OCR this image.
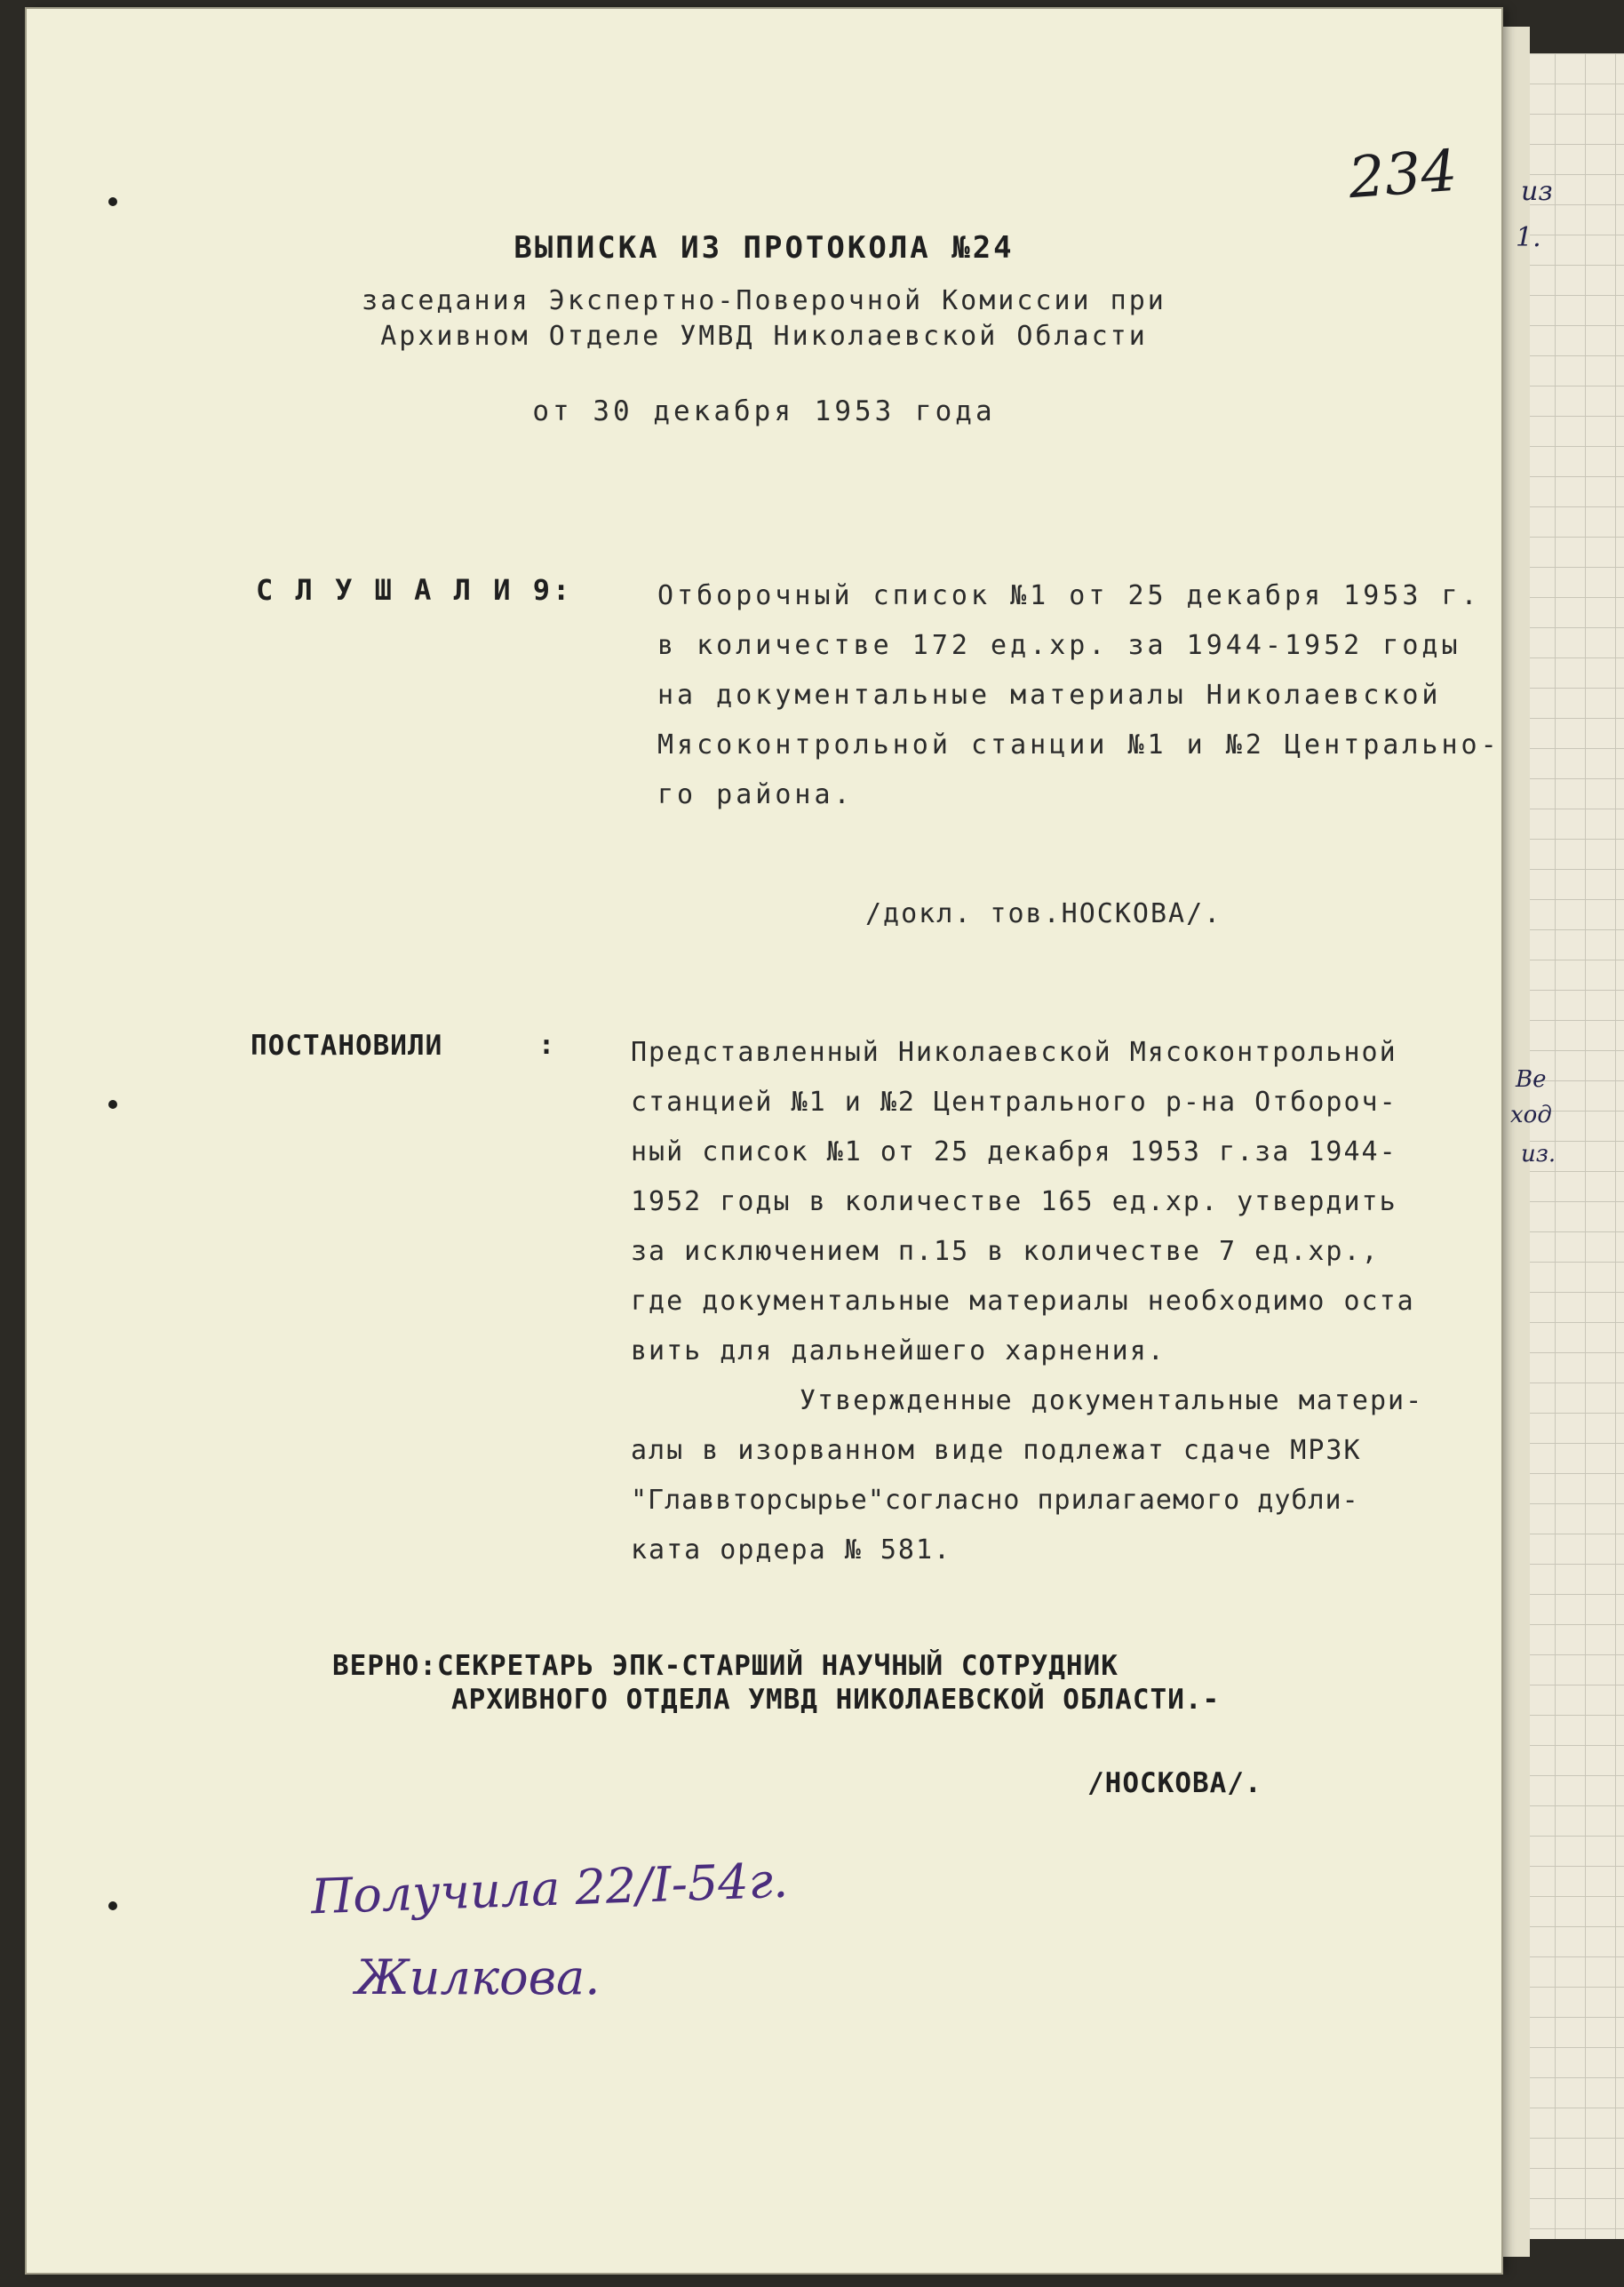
из
1.
Ве
ход
из.
234
ВЫПИСКА ИЗ ПРОТОКОЛА №24
заседания Экспертно-Поверочной Комиссии при
Архивном Отделе УМВД Николаевской Области
от 30 декабря 1953 года
С Л У Ш А Л И 9:	Отборочный список №1 от 25 декабря 1953 г.
в количестве 172 ед.хр. за 1944-1952 годы
на документальные материалы Николаевской
Мясоконтрольной станции №1 и №2 Центрально-
го района.
/докл. тов.НОСКОВА/.
ПОСТАНОВИЛИ	:	Представленный Николаевской Мясоконтрольной
станцией №1 и №2 Центрального р-на Отбороч-
ный список №1 от 25 декабря 1953 г.за 1944-
1952 годы в количестве 165 ед.хр. утвердить
за исключением п.15 в количестве 7 ед.хр.,
где документальные материалы необходимо оста
вить для дальнейшего харнения.
Утвержденные документальные матери-
алы в изорванном виде подлежат сдаче МРЗК
"Главвторсырье"согласно прилагаемого дубли-
ката ордера № 581.
ВЕРНО:СЕКРЕТАРЬ ЭПК-СТАРШИЙ НАУЧНЫЙ СОТРУДНИК
АРХИВНОГО ОТДЕЛА УМВД НИКОЛАЕВСКОЙ ОБЛАСТИ.-
/НОСКОВА/.
Получила 22/I-54г.
Жилкова.
